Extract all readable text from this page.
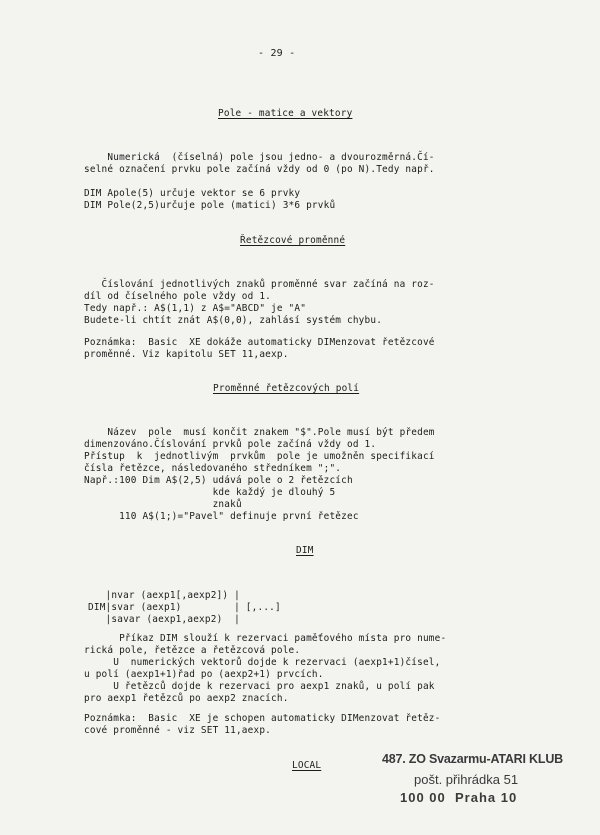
- 29 -
Pole - matice a vektory
Numerická  (číselná) pole jsou jedno- a dvourozměrná.Čí-
selné označení prvku pole začíná vždy od 0 (po N).Tedy např.
DIM Apole(5) určuje vektor se 6 prvky
DIM Pole(2,5)určuje pole (matici) 3*6 prvků
Řetězcové proměnné
Číslování jednotlivých znaků proměnné svar začíná na roz-
díl od číselného pole vždy od 1.
Tedy např.: A$(1,1) z A$="ABCD" je "A"
Budete-li chtít znát A$(0,0), zahlásí systém chybu.
Poznámka:  Basic  XE dokáže automaticky DIMenzovat řetězcové
proměnné. Viz kapitolu SET 11,aexp.
Proměnné řetězcových polí
Název  pole  musí končit znakem "$".Pole musí být předem
dimenzováno.Číslování prvků pole začíná vždy od 1.
Přístup  k  jednotlivým  prvkům  pole je umožněn specifikací
čísla řetězce, následovaného středníkem ";".
Např.:100 Dim A$(2,5) udává pole o 2 řetězcích
kde každý je dlouhý 5
znaků
110 A$(1;)="Pavel" definuje první řetězec
DIM
|nvar (aexp1[,aexp2]) |
DIM|svar (aexp1)         | [,...]
|savar (aexp1,aexp2)  |
Příkaz DIM slouží k rezervaci paměťového místa pro nume-
rická pole, řetězce a řetězcová pole.
U  numerických vektorů dojde k rezervaci (aexp1+1)čísel,
u polí (aexp1+1)řad po (aexp2+1) prvcích.
U řetězců dojde k rezervaci pro aexp1 znaků, u polí pak
pro aexp1 řetězců po aexp2 znacích.
Poznámka:  Basic  XE je schopen automaticky DIMenzovat řetěz-
cové proměnné - viz SET 11,aexp.
LOCAL	487. ZO Svazarmu-ATARI KLUB
pošt. přihrádka 51
100 00  Praha 10
